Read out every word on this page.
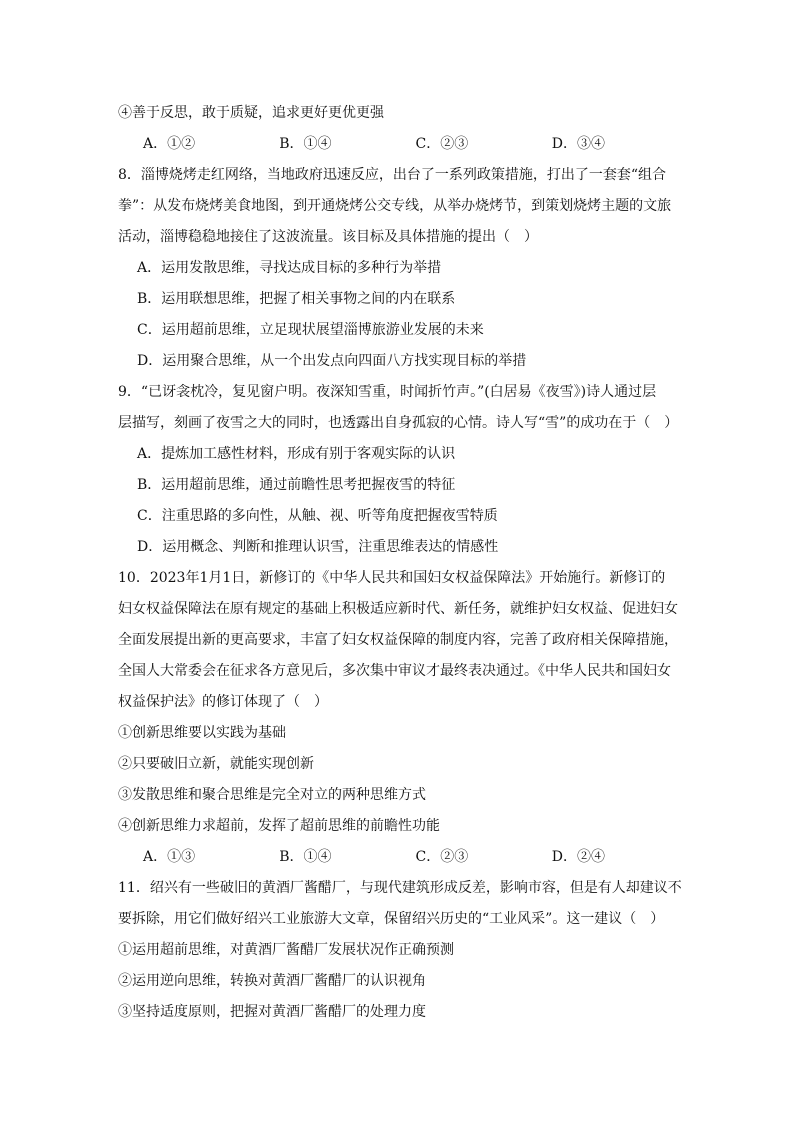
④善于反思，敢于质疑，追求更好更优更强
A．①②	B．①④	C．②③	D．③④
8．淄博烧烤走红网络，当地政府迅速反应，出台了一系列政策措施，打出了一套套“组合
拳”：从发布烧烤美食地图，到开通烧烤公交专线，从举办烧烤节，到策划烧烤主题的文旅
活动，淄博稳稳地接住了这波流量。该目标及具体措施的提出（　）
A．运用发散思维，寻找达成目标的多种行为举措
B．运用联想思维，把握了相关事物之间的内在联系
C．运用超前思维，立足现状展望淄博旅游业发展的未来
D．运用聚合思维，从一个出发点向四面八方找实现目标的举措
9．“已讶衾枕冷，复见窗户明。夜深知雪重，时闻折竹声。”(白居易《夜雪》)诗人通过层
层描写，刻画了夜雪之大的同时，也透露出自身孤寂的心情。诗人写“雪”的成功在于（　）
A．提炼加工感性材料，形成有别于客观实际的认识
B．运用超前思维，通过前瞻性思考把握夜雪的特征
C．注重思路的多向性，从触、视、听等角度把握夜雪特质
D．运用概念、判断和推理认识雪，注重思维表达的情感性
10．2023年1月1日，新修订的《中华人民共和国妇女权益保障法》开始施行。新修订的
妇女权益保障法在原有规定的基础上积极适应新时代、新任务，就维护妇女权益、促进妇女
全面发展提出新的更高要求，丰富了妇女权益保障的制度内容，完善了政府相关保障措施，
全国人大常委会在征求各方意见后，多次集中审议才最终表决通过。《中华人民共和国妇女
权益保护法》的修订体现了（　）
①创新思维要以实践为基础
②只要破旧立新，就能实现创新
③发散思维和聚合思维是完全对立的两种思维方式
④创新思维力求超前，发挥了超前思维的前瞻性功能
A．①③	B．①④	C．②③	D．②④
11．绍兴有一些破旧的黄酒厂酱醋厂，与现代建筑形成反差，影响市容，但是有人却建议不
要拆除，用它们做好绍兴工业旅游大文章，保留绍兴历史的“工业风采”。这一建议（　）
①运用超前思维，对黄酒厂酱醋厂发展状况作正确预测
②运用逆向思维，转换对黄酒厂酱醋厂的认识视角
③坚持适度原则，把握对黄酒厂酱醋厂的处理力度
